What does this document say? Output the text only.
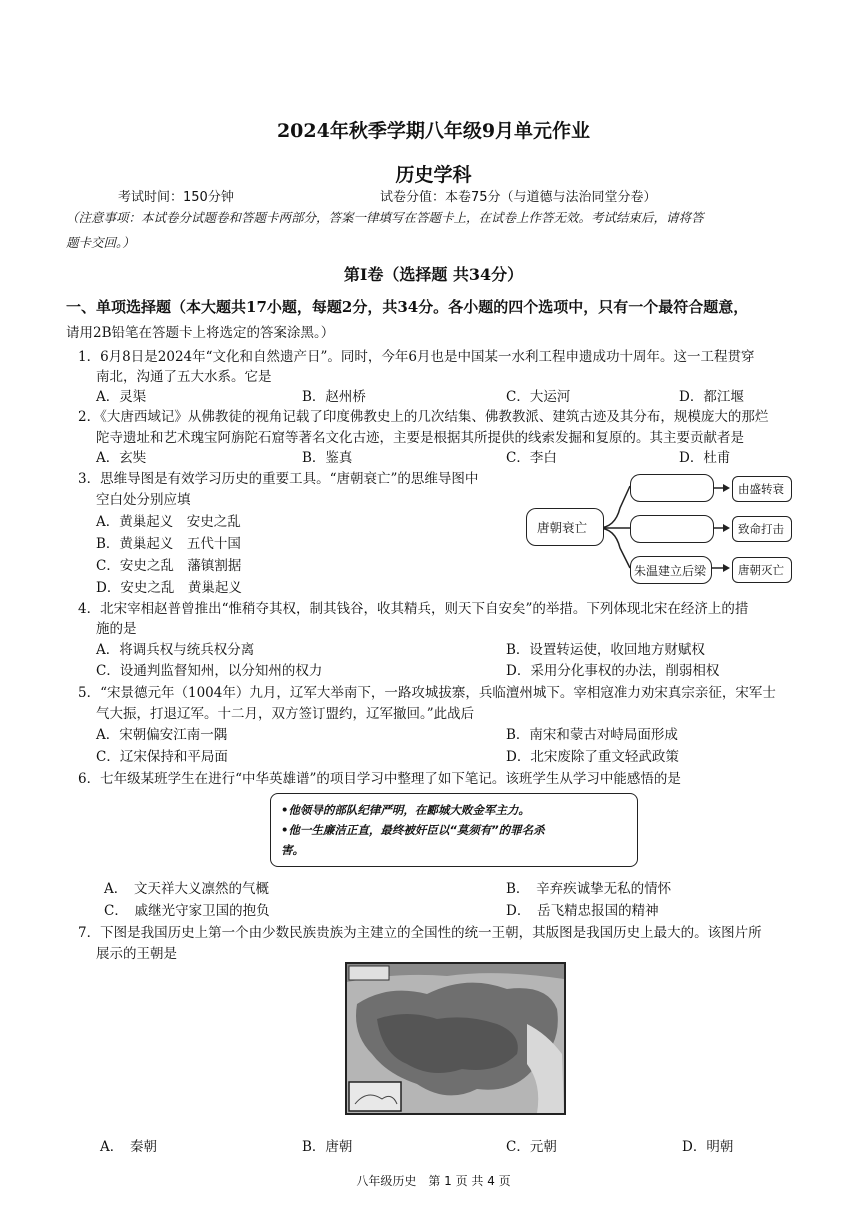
2024年秋季学期八年级9月单元作业
历史学科
考试时间：150分钟	试卷分值：本卷75分（与道德与法治同堂分卷）
（注意事项：本试卷分试题卷和答题卡两部分，答案一律填写在答题卡上，在试卷上作答无效。考试结束后，请将答
题卡交回。）
第Ⅰ卷（选择题 共34分）
一、单项选择题（本大题共17小题，每题2分，共34分。各小题的四个选项中，只有一个最符合题意，
请用2B铅笔在答题卡上将选定的答案涂黑。）
1．6月8日是2024年“文化和自然遗产日”。同时，今年6月也是中国某一水利工程申遗成功十周年。这一工程贯穿
南北，沟通了五大水系。它是
A．灵渠	B．赵州桥	C．大运河	D．都江堰
2．《大唐西域记》从佛教徒的视角记载了印度佛教史上的几次结集、佛教教派、建筑古迹及其分布，规模庞大的那烂
陀寺遗址和艺术瑰宝阿旃陀石窟等著名文化古迹，主要是根据其所提供的线索发掘和复原的。其主要贡献者是
A．玄奘	B．鉴真	C．李白	D．杜甫
3．思维导图是有效学习历史的重要工具。“唐朝衰亡”的思维导图中
空白处分别应填
A．黄巢起义　安史之乱
B．黄巢起义　五代十国
C．安史之乱　藩镇割据
D．安史之乱　黄巢起义
唐朝衰亡
朱温建立后梁
由盛转衰
致命打击
唐朝灭亡
4．北宋宰相赵普曾推出“惟稍夺其权，制其钱谷，收其精兵，则天下自安矣”的举措。下列体现北宋在经济上的措
施的是
A．将调兵权与统兵权分离	B．设置转运使，收回地方财赋权
C．设通判监督知州，以分知州的权力	D．采用分化事权的办法，削弱相权
5．“宋景德元年（1004年）九月，辽军大举南下，一路攻城拔寨，兵临澶州城下。宰相寇准力劝宋真宗亲征，宋军士
气大振，打退辽军。十二月，双方签订盟约，辽军撤回。”此战后
A．宋朝偏安江南一隅	B．南宋和蒙古对峙局面形成
C．辽宋保持和平局面	D．北宋废除了重文轻武政策
6．七年级某班学生在进行“中华英雄谱”的项目学习中整理了如下笔记。该班学生从学习中能感悟的是
•他领导的部队纪律严明，在郾城大败金军主力。
•他一生廉洁正直，最终被奸臣以“莫须有”的罪名杀
害。
A．　文天祥大义凛然的气概	B．　辛弃疾诚挚无私的情怀
C．　戚继光守家卫国的抱负	D．　岳飞精忠报国的精神
7．下图是我国历史上第一个由少数民族贵族为主建立的全国性的统一王朝，其版图是我国历史上最大的。该图片所
展示的王朝是
A．　秦朝	B．唐朝	C．元朝	D．明朝
八年级历史　第 1 页 共 4 页
